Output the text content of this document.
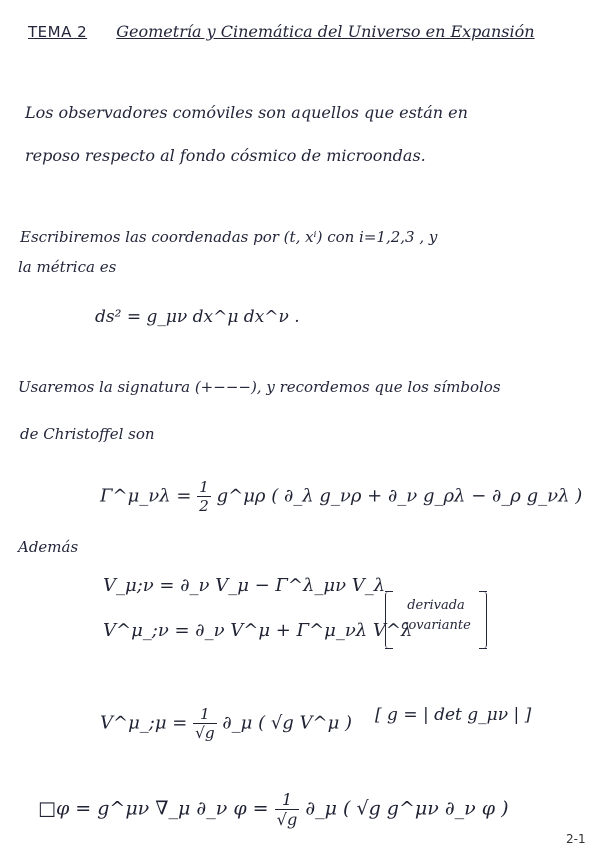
TEMA 2 Geometría y Cinemática del Universo en Expansión
Los observadores comóviles son aquellos que están en
reposo respecto al fondo cósmico de microondas.
Escribiremos las coordenadas por (t, xⁱ) con i=1,2,3 , y
la métrica es
ds² = g_μν dx^μ dx^ν .
Usaremos la signatura (+−−−), y recordemos que los símbolos
de Christoffel son
Γ^μ_νλ = $\frac{1}{2}$ g^μρ ( ∂_λ g_νρ + ∂_ν g_ρλ − ∂_ρ g_νλ )
Además
V_μ;ν = ∂_ν V_μ − Γ^λ_μν V_λ
V^μ_;ν = ∂_ν V^μ + Γ^μ_νλ V^λ
derivada
covariante
V^μ_;μ = $\frac{1}{√g}$ ∂_μ ( √g V^μ ) [ g = | det g_μν | ]
□φ = g^μν ∇_μ ∂_ν $\varphi = \frac{1}{√g}$ ∂_μ ( √g g^μν ∂_ν φ )
2-1
